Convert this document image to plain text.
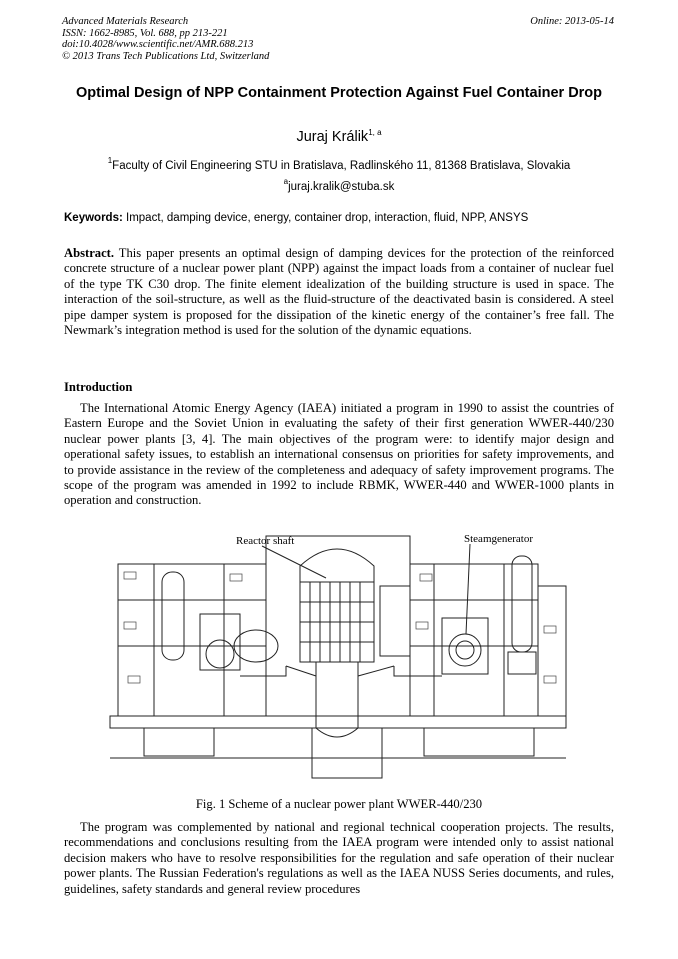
Advanced Materials Research
ISSN: 1662-8985, Vol. 688, pp 213-221
doi:10.4028/www.scientific.net/AMR.688.213
© 2013 Trans Tech Publications Ltd, Switzerland
Online: 2013-05-14
Optimal Design of NPP Containment Protection Against Fuel Container Drop
Juraj Králik$^{1, a}$
$^1$Faculty of Civil Engineering STU in Bratislava, Radlinského 11, 81368 Bratislava, Slovakia
$^a$juraj.kralik@stuba.sk
Keywords: Impact, damping device, energy, container drop, interaction, fluid, NPP, ANSYS
Abstract. This paper presents an optimal design of damping devices for the protection of the reinforced concrete structure of a nuclear power plant (NPP) against the impact loads from a container of nuclear fuel of the type TK C30 drop. The finite element idealization of the building structure is used in space. The interaction of the soil-structure, as well as the fluid-structure of the deactivated basin is considered. A steel pipe damper system is proposed for the dissipation of the kinetic energy of the container’s free fall. The Newmark’s integration method is used for the solution of the dynamic equations.
Introduction
The International Atomic Energy Agency (IAEA) initiated a program in 1990 to assist the countries of Eastern Europe and the Soviet Union in evaluating the safety of their first generation WWER-440/230 nuclear power plants [3, 4]. The main objectives of the program were: to identify major design and operational safety issues, to establish an international consensus on priorities for safety improvements, and to provide assistance in the review of the completeness and adequacy of safety improvement programs. The scope of the program was amended in 1992 to include RBMK, WWER-440 and WWER-1000 plants in operation and construction.
Reactor shaft	Steamgenerator
Fig. 1 Scheme of a nuclear power plant WWER-440/230
The program was complemented by national and regional technical cooperation projects. The results, recommendations and conclusions resulting from the IAEA program were intended only to assist national decision makers who have to resolve responsibilities for the regulation and safe operation of their nuclear power plants. The Russian Federation's regulations as well as the IAEA NUSS Series documents, and rules, guidelines, safety standards and general review procedures
